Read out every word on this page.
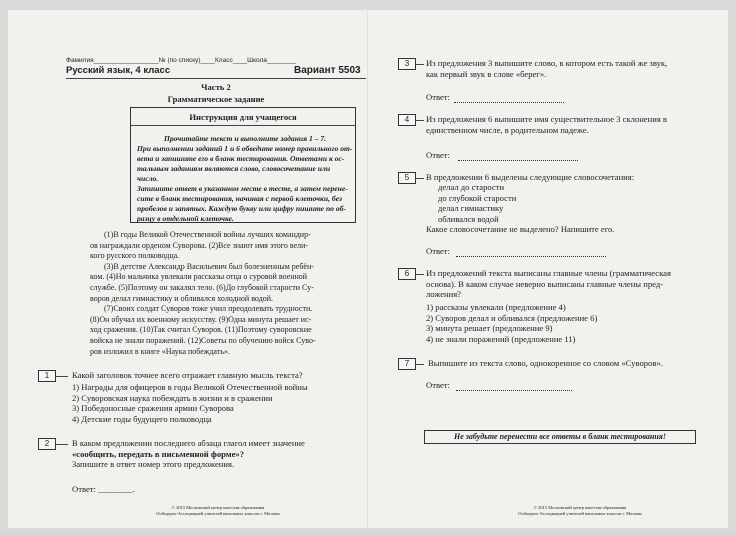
Фамилия__________________№ (по списку)____Класс____Школа________
Русский язык, 4 класс	Вариант 5503
Часть 2
Грамматическое задание
Инструкция для учащегося
Прочитайте текст и выполните задания 1 – 7.
При выполнении заданий 1 и 6 обведите номер правильного от-
вета и запишите его в бланк тестирования. Ответами к ос-
тальным заданиям являются слово, словосочетание или число.
Запишите ответ в указанном месте в тесте, а затем перене-
сите в бланк тестирования, начиная с первой клеточки, без
пробелов и запятых. Каждую букву или цифру пишите по об-
разцу в отдельной клеточке.
(1)В годы Великой Отечественной войны лучших командир-
ов награждали орденом Суворова. (2)Все знают имя этого вели-
кого русского полководца.
(3)В детстве Александр Васильевич был болезненным ребён-
ком. (4)Но мальчика увлекали рассказы отца о суровой военной
службе. (5)Поэтому он закалял тело. (6)До глубокой старости Су-
воров делал гимнастику и обливался холодной водой.
(7)Своих солдат Суворов тоже учил преодолевать трудности.
(8)Он обучал их военному искусству. (9)Одна минута решает ис-
ход сражения. (10)Так считал Суворов. (11)Поэтому суворовские
войска не знали поражений. (12)Советы по обучению войск Суво-
ров изложил в книге «Наука побеждать».
1	Какой заголовок точнее всего отражает главную мысль текста?
1) Награды для офицеров в годы Великой Отечественной войны
2) Суворовская наука побеждать в жизни и в сражении
3) Победоносные сражения армии Суворова
4) Детские годы будущего полководца
2	В каком предложении последнего абзаца глагол имеет значение
«сообщить, передать в письменной форме»?
Запишите в ответ номер этого предложения.
Ответ: ________.
© 2015 Московский центр качества образования
Ообщероо-Ассоциацией учителей начальных классов г. Москвы
3	Из предложения 3 выпишите слово, в котором есть такой же звук,
как первый звук в слове «берег».
Ответ:
4	Из предложения 6 выпишите имя существительное 3 склонения в
единственном числе, в родительном падеже.
Ответ:
5	В предложении 6 выделены следующие словосочетания:
делал до старости
до глубокой старости
делал гимнастику
обливался водой
Какое словосочетание не выделено? Напишите его.
Ответ:
6	Из предложений текста выписаны главные члены (грамматическая
основа). В каком случае неверно выписаны главные члены пред-
ложения?
1) рассказы увлекали (предложение 4)
2) Суворов делал и обливался (предложение 6)
3) минута решает (предложение 9)
4) не знали поражений (предложение 11)
7	Выпишите из текста слово, однокоренное со словом «Суворов».
Ответ:
Не забудьте перенести все ответы в бланк тестирования!
© 2015 Московский центр качества образования
Ообщероо-Ассоциацией учителей начальных классов г. Москвы
